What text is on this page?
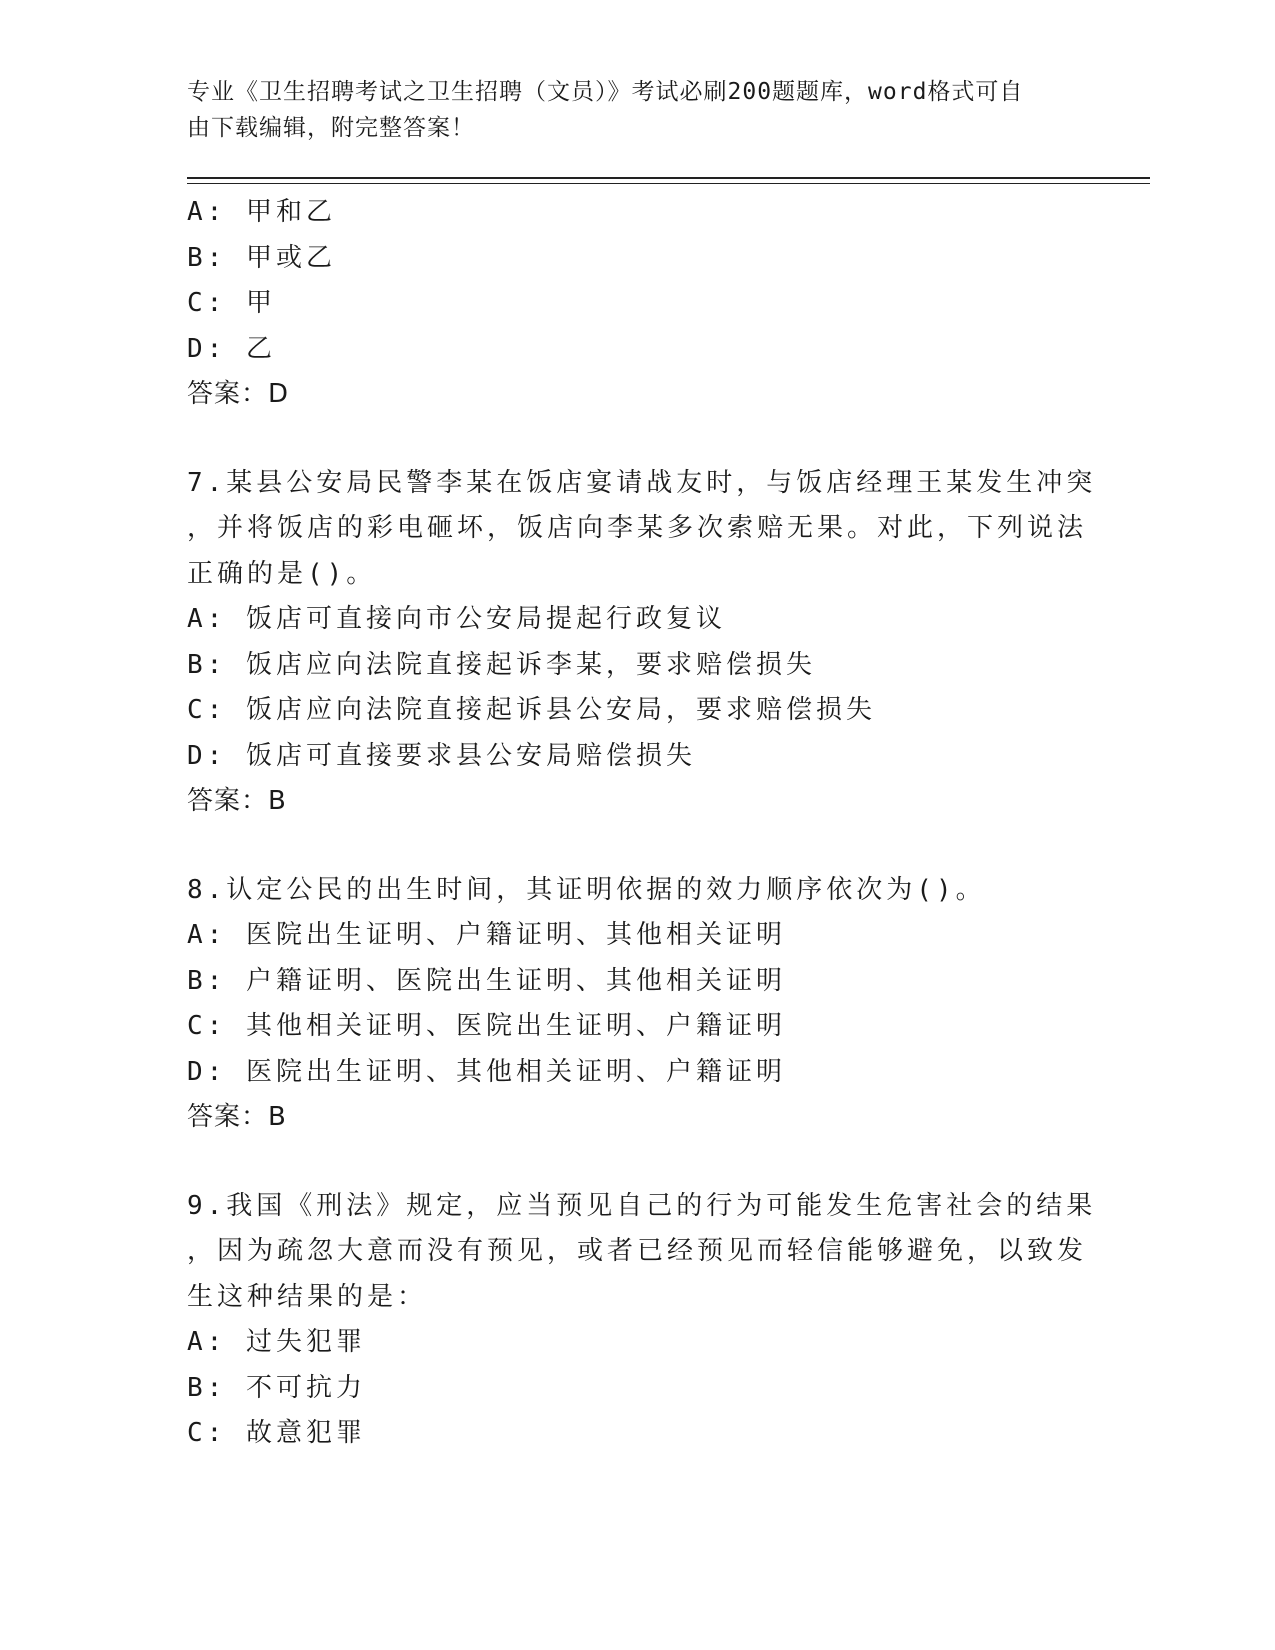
专业《卫生招聘考试之卫生招聘（文员）》考试必刷200题题库，word格式可自
由下载编辑，附完整答案！
A: 甲和乙
B: 甲或乙
C: 甲
D: 乙
答案：D
7.某县公安局民警李某在饭店宴请战友时，与饭店经理王某发生冲突
，并将饭店的彩电砸坏，饭店向李某多次索赔无果。对此，下列说法
正确的是()。
A: 饭店可直接向市公安局提起行政复议
B: 饭店应向法院直接起诉李某，要求赔偿损失
C: 饭店应向法院直接起诉县公安局，要求赔偿损失
D: 饭店可直接要求县公安局赔偿损失
答案：B
8.认定公民的出生时间，其证明依据的效力顺序依次为()。
A: 医院出生证明、户籍证明、其他相关证明
B: 户籍证明、医院出生证明、其他相关证明
C: 其他相关证明、医院出生证明、户籍证明
D: 医院出生证明、其他相关证明、户籍证明
答案：B
9.我国《刑法》规定，应当预见自己的行为可能发生危害社会的结果
，因为疏忽大意而没有预见，或者已经预见而轻信能够避免，以致发
生这种结果的是：
A: 过失犯罪
B: 不可抗力
C: 故意犯罪
